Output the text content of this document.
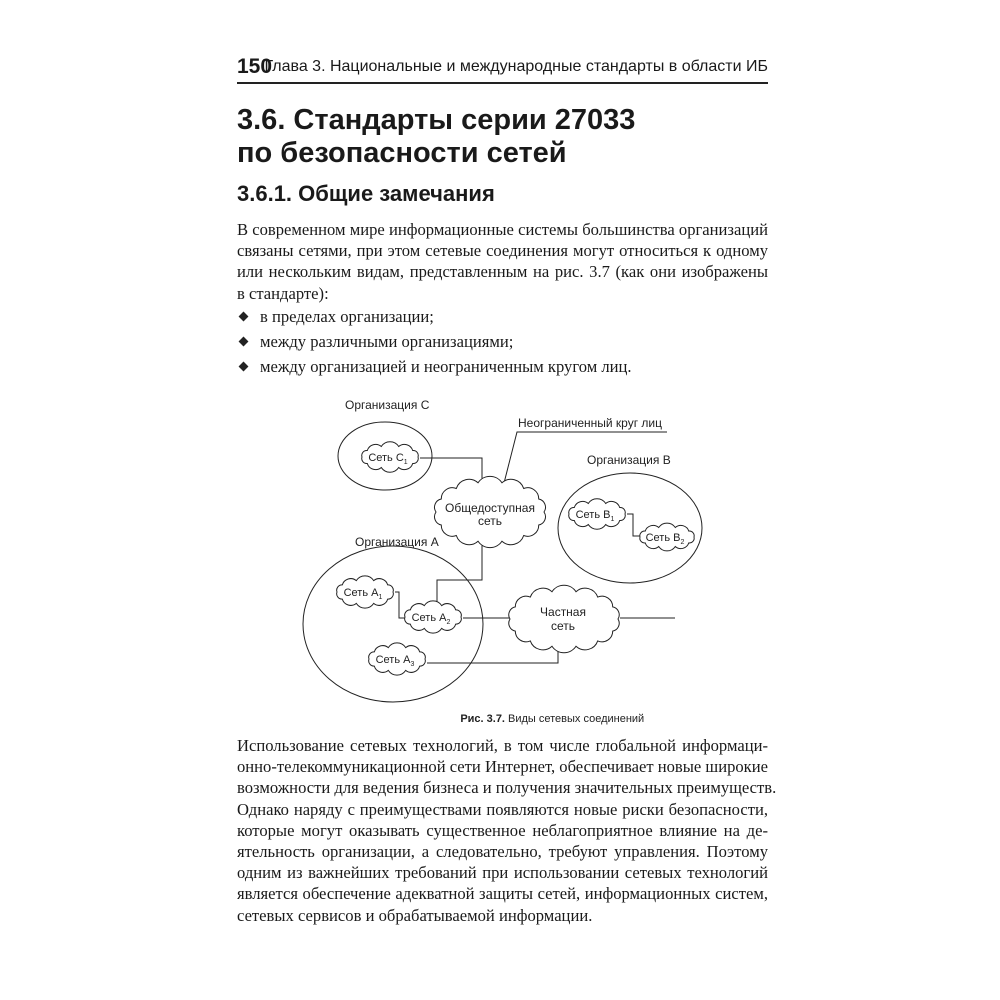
150
Глава 3. Национальные и международные стандарты в области ИБ
3.6. Стандарты серии 27033
по безопасности сетей
3.6.1. Общие замечания
В современном мире информационные системы большинства организаций
связаны сетями, при этом сетевые соединения могут относиться к одному
или нескольким видам, представленным на рис. 3.7 (как они изображены
в стандарте):
в пределах организации;
между различными организациями;
между организацией и неограниченным кругом лиц.
Организация C
Неограниченный круг лиц
Организация B
Организация A
Общедоступная
сеть
Частная
сеть
Сеть $C_1$
Сеть $B_1$
Сеть $B_2$
Сеть $A_1$
Сеть $A_2$
Сеть $A_3$
Рис. 3.7. Виды сетевых соединений
Использование сетевых технологий, в том числе глобальной информаци-
онно-телекоммуникационной сети Интернет, обеспечивает новые широкие
возможности для ведения бизнеса и получения значительных преимуществ.
Однако наряду с преимуществами появляются новые риски безопасности,
которые могут оказывать существенное неблагоприятное влияние на де-
ятельность организации, а следовательно, требуют управления. Поэтому
одним из важнейших требований при использовании сетевых технологий
является обеспечение адекватной защиты сетей, информационных систем,
сетевых сервисов и обрабатываемой информации.
